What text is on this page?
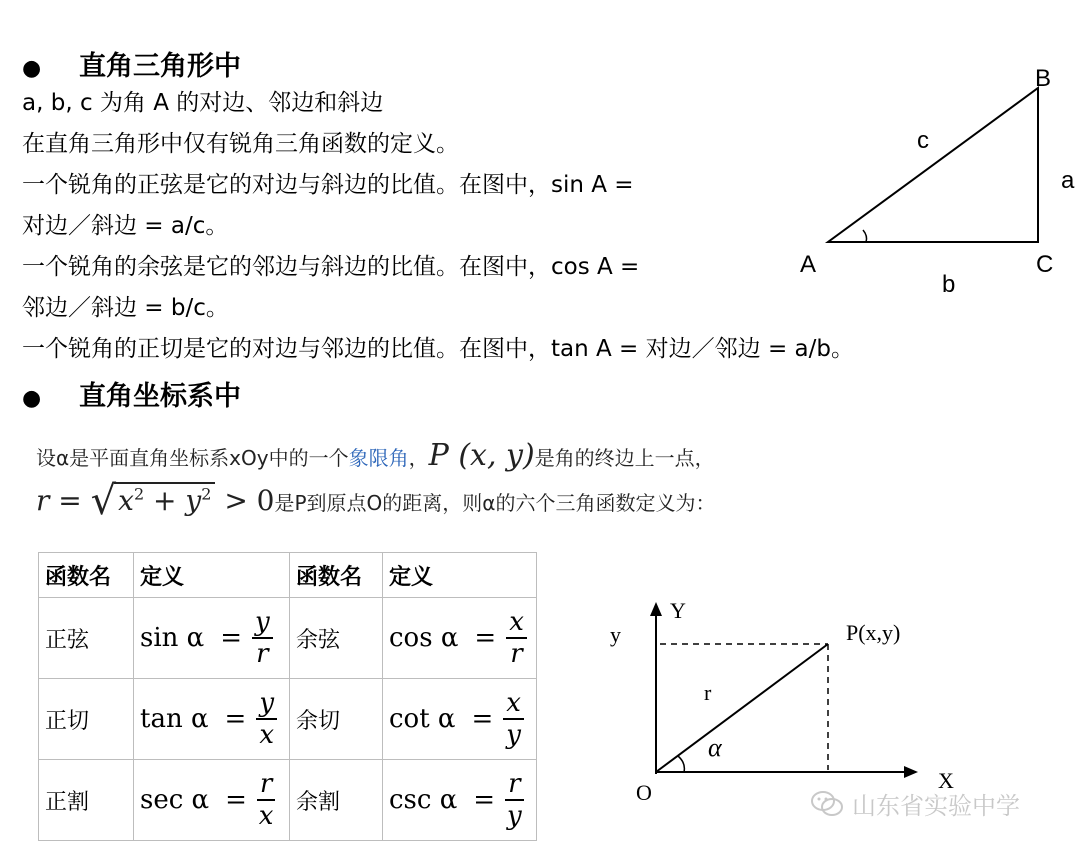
● 直角三角形中
a, b, c 为角 A 的对边、邻边和斜边
在直角三角形中仅有锐角三角函数的定义。
一个锐角的正弦是它的对边与斜边的比值。在图中，sin A =
对边／斜边 = a/c。
一个锐角的余弦是它的邻边与斜边的比值。在图中，cos A =
邻边／斜边 = b/c。
一个锐角的正切是它的对边与邻边的比值。在图中，tan A = 对边／邻边 = a/b。
A
B
C
a
b
c
● 直角坐标系中
设α是平面直角坐标系xOy中的一个象限角，P (x, y)是角的终边上一点，
$r = √x^2 + y^2 > 0$是P到原点O的距离，则α的六个三角函数定义为：
函数名	定义	函数名	定义
正弦	$\sin \alpha = \frac{y}{r}$	余弦	$\cos \alpha = \frac{x}{r}$

正切	$\tan \alpha = \frac{y}{x}$	余切	$\cot \alpha = \frac{x}{y}$

正割	$\sec \alpha = \frac{r}{x}$	余割	$\csc \alpha = \frac{r}{y}$
Y
y	P(x,y)
r
α
O	X
山东省实验中学
